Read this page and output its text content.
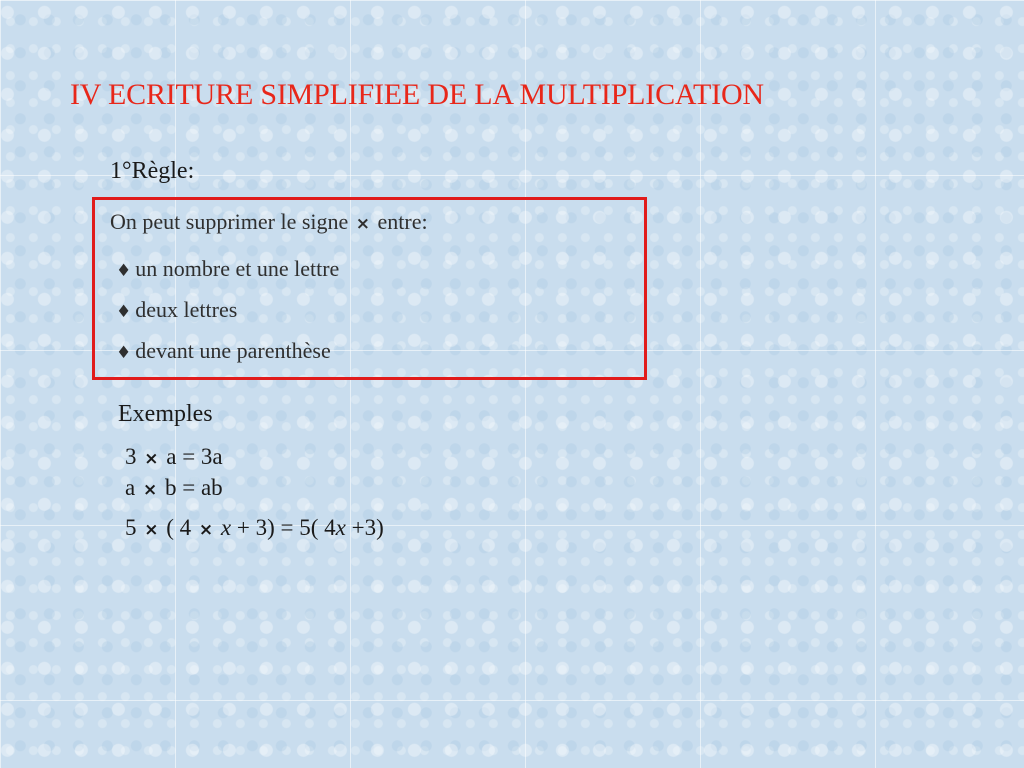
IV ECRITURE SIMPLIFIEE DE LA MULTIPLICATION
1°Règle:
On peut supprimer le signe × entre:
♦ un nombre et une lettre
♦ deux lettres
♦ devant une parenthèse
Exemples
3 × a = 3a
a × b = ab
5 × ( 4 × x + 3) = 5( 4x +3)
